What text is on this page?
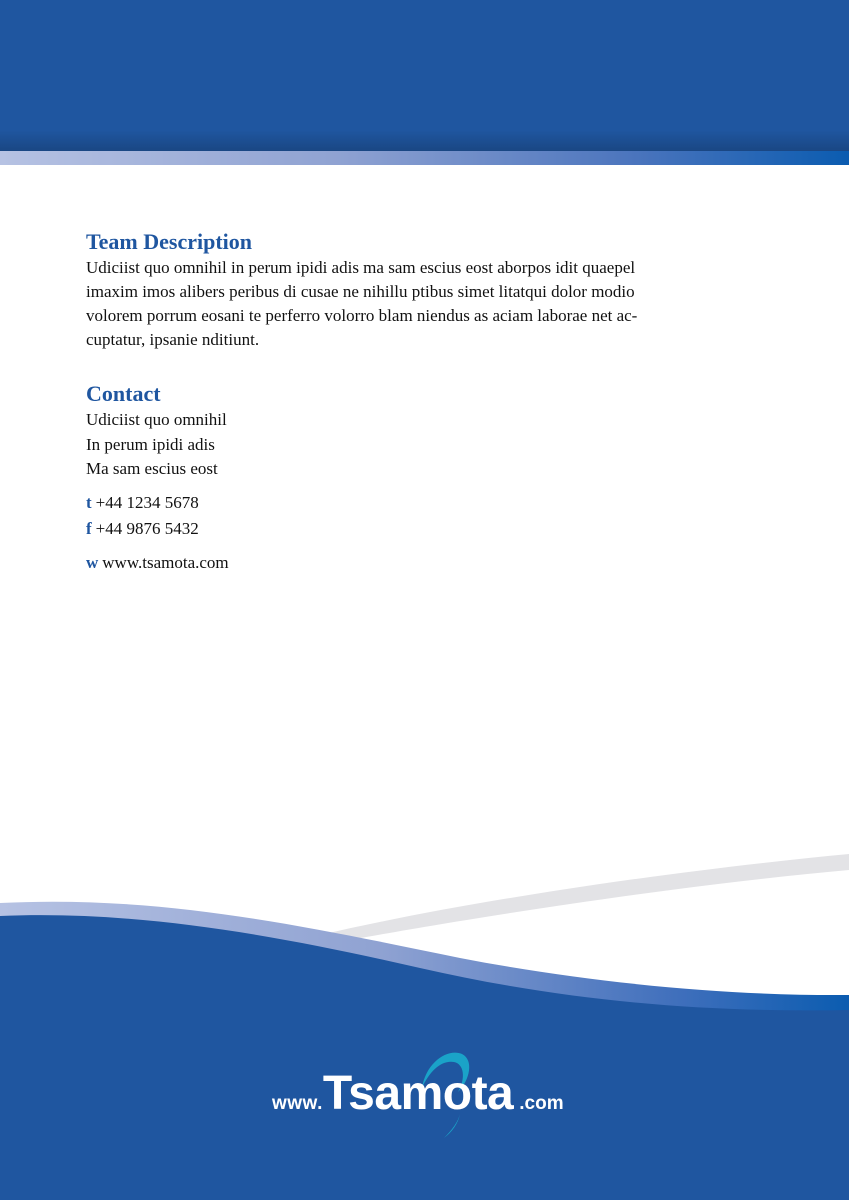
Team Description

Udiciist quo omnihil in perum ipidi adis ma sam escius eost aborpos idit quaepel
imaxim imos alibers peribus di cusae ne nihillu ptibus simet litatqui dolor modio
volorem porrum eosani te perferro volorro blam niendus as aciam laborae net ac-
cuptatur, ipsanie nditiunt.

Contact
Udiciist quo omnihil
In perum ipidi adis
Ma sam escius eost
t +44 1234 5678
f +44 9876 5432
w www.tsamota.com
www.Tsamota .com
